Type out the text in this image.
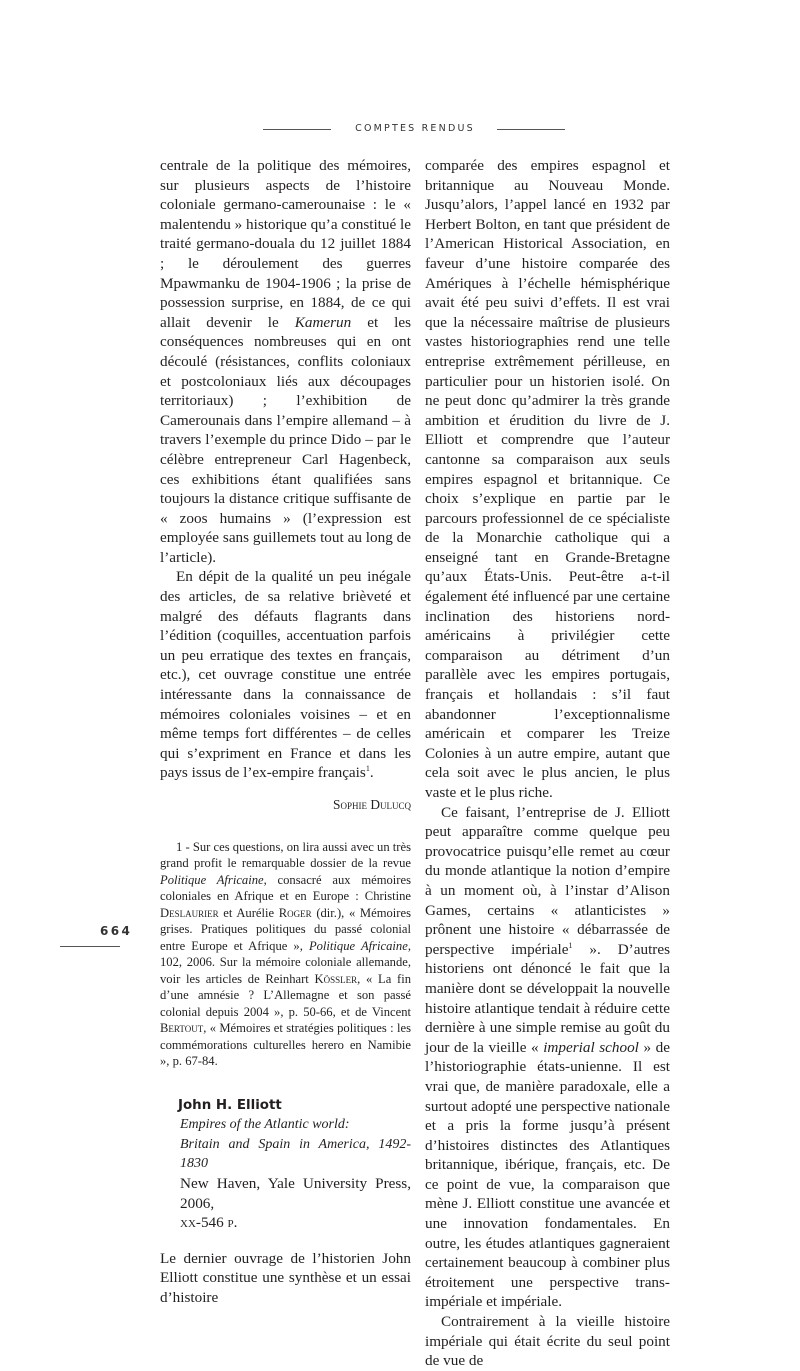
COMPTES RENDUS

centrale de la politique des mémoires, sur plusieurs aspects de l’histoire coloniale germano-camerounaise : le « malentendu » historique qu’a constitué le traité germano-douala du 12 juillet 1884 ; le déroulement des guerres Mpawmanku de 1904-1906 ; la prise de possession surprise, en 1884, de ce qui allait devenir le Kamerun et les conséquences nombreuses qui en ont découlé (résistances, conflits coloniaux et postcoloniaux liés aux découpages territoriaux) ; l’exhibition de Camerounais dans l’empire allemand – à travers l’exemple du prince Dido – par le célèbre entrepreneur Carl Hagenbeck, ces exhibitions étant qualifiées sans toujours la distance critique suffisante de « zoos humains » (l’expression est employée sans guillemets tout au long de l’article).

En dépit de la qualité un peu inégale des articles, de sa relative brièveté et malgré des défauts flagrants dans l’édition (coquilles, accentuation parfois un peu erratique des textes en français, etc.), cet ouvrage constitue une entrée intéressante dans la connaissance de mémoires coloniales voisines – et en même temps fort différentes – de celles qui s’expriment en France et dans les pays issus de l’ex-empire français$^1$.

Sophie Dulucq

1 - Sur ces questions, on lira aussi avec un très grand profit le remarquable dossier de la revue Politique Africaine, consacré aux mémoires coloniales en Afrique et en Europe : Christine Deslaurier et Aurélie Roger (dir.), « Mémoires grises. Pratiques politiques du passé colonial entre Europe et Afrique », Politique Africaine, 102, 2006. Sur la mémoire coloniale allemande, voir les articles de Reinhart Kössler, « La fin d’une amnésie ? L’Allemagne et son passé colonial depuis 2004 », p. 50-66, et de Vincent Bertout, « Mémoires et stratégies politiques : les commémorations culturelles herero en Namibie », p. 67-84.

John H. Elliott
Empires of the Atlantic world:
Britain and Spain in America, 1492-1830
New Haven, Yale University Press, 2006,
xx-546 p.

Le dernier ouvrage de l’historien John Elliott constitue une synthèse et un essai d’histoire

comparée des empires espagnol et britannique au Nouveau Monde. Jusqu’alors, l’appel lancé en 1932 par Herbert Bolton, en tant que président de l’American Historical Association, en faveur d’une histoire comparée des Amériques à l’échelle hémisphérique avait été peu suivi d’effets. Il est vrai que la nécessaire maîtrise de plusieurs vastes historiographies rend une telle entreprise extrêmement périlleuse, en particulier pour un historien isolé. On ne peut donc qu’admirer la très grande ambition et érudition du livre de J. Elliott et comprendre que l’auteur cantonne sa comparaison aux seuls empires espagnol et britannique. Ce choix s’explique en partie par le parcours professionnel de ce spécialiste de la Monarchie catholique qui a enseigné tant en Grande-Bretagne qu’aux États-Unis. Peut-être a-t-il également été influencé par une certaine inclination des historiens nord-américains à privilégier cette comparaison au détriment d’un parallèle avec les empires portugais, français et hollandais : s’il faut abandonner l’exceptionnalisme américain et comparer les Treize Colonies à un autre empire, autant que cela soit avec le plus ancien, le plus vaste et le plus riche.

Ce faisant, l’entreprise de J. Elliott peut apparaître comme quelque peu provocatrice puisqu’elle remet au cœur du monde atlantique la notion d’empire à un moment où, à l’instar d’Alison Games, certains « atlanticistes » prônent une histoire « débarrassée de perspective impériale$^1$ ». D’autres historiens ont dénoncé le fait que la manière dont se développait la nouvelle histoire atlantique tendait à réduire cette dernière à une simple remise au goût du jour de la vieille « imperial school » de l’historiographie états-unienne. Il est vrai que, de manière paradoxale, elle a surtout adopté une perspective nationale et a pris la forme jusqu’à présent d’histoires distinctes des Atlantiques britannique, ibérique, français, etc. De ce point de vue, la comparaison que mène J. Elliott constitue une avancée et une innovation fondamentales. En outre, les études atlantiques gagneraient certainement beaucoup à combiner plus étroitement une perspective trans-impériale et impériale.

Contrairement à la vieille histoire impériale qui était écrite du seul point de vue de

664
